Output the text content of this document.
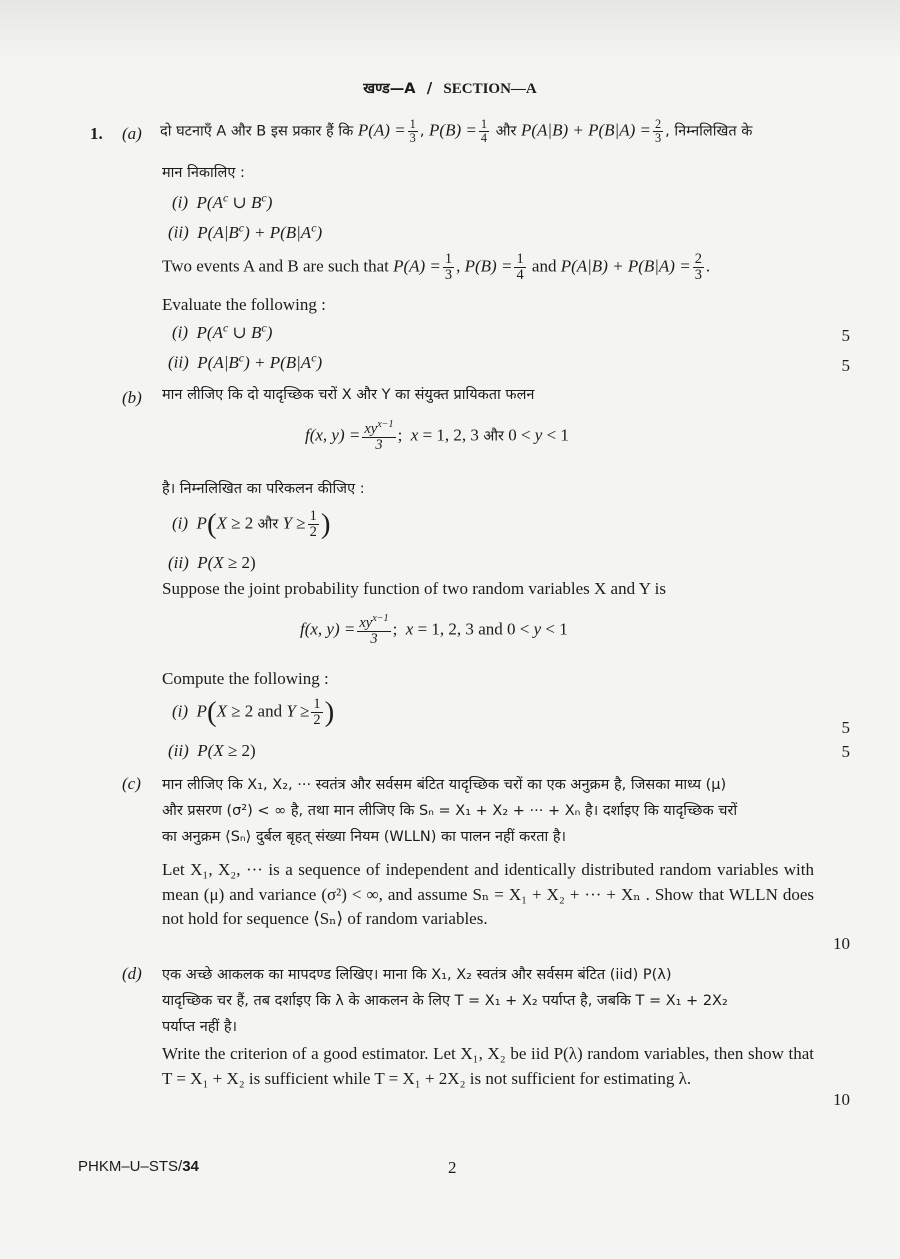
खण्ड—A / SECTION—A
1. (a) दो घटनाएँ A और B इस प्रकार हैं कि $P(A) = \frac{1}{3}$ , $P(B) = \frac{1}{4}$ और $P(A|B) + P(B|A) = \frac{2}{3}$ , निम्नलिखित के
मान निकालिए :
(i) $P(A^c$ ∪ $B^c$)
(ii) $P(A|B^c) + P(B|A^c)$
Two events A and B are such that $P(A) = \frac{1}{3}$ , $P(B) = \frac{1}{4}$ and $P(A|B) + P(B|A) = \frac{2}{3}$ .
Evaluate the following :
(i) $P(A^c$ ∪ $B^c$)	5
(ii) $P(A|B^c) + P(B|A^c)$	5
(b) मान लीजिए कि दो यादृच्छिक चरों X और Y का संयुक्त प्रायिकता फलन
f(x, $y) = \frac{xy^{x-1}}{3}$ ;  x = 1, 2, 3 और 0 < y < 1
है। निम्नलिखित का परिकलन कीजिए :
(i) P(X ≥ 2 और $Y \ge \frac{1}{2}$ )
(ii) P(X ≥ 2)
Suppose the joint probability function of two random variables X and Y is
f(x, $y) = \frac{xy^{x-1}}{3}$ ;  x = 1, 2, 3 and 0 < y < 1
Compute the following :
(i) P(X ≥ 2 and $Y \ge \frac{1}{2}$ )	5
(ii) P(X ≥ 2)	5
(c) मान लीजिए कि X₁, X₂, ··· स्वतंत्र और सर्वसम बंटित यादृच्छिक चरों का एक अनुक्रम है, जिसका माध्य (μ)
और प्रसरण (σ²) < ∞ है, तथा मान लीजिए कि Sₙ = X₁ + X₂ + ··· + Xₙ है। दर्शाइए कि यादृच्छिक चरों
का अनुक्रम ⟨Sₙ⟩ दुर्बल बृहत् संख्या नियम (WLLN) का पालन नहीं करता है।
Let X₁, X₂, ··· is a sequence of independent and identically distributed random variables with mean (μ) and variance (σ²) < ∞, and assume Sₙ = X₁ + X₂ + ··· + Xₙ . Show that WLLN does not hold for sequence ⟨Sₙ⟩ of random variables.
10
(d) एक अच्छे आकलक का मापदण्ड लिखिए। माना कि X₁, X₂ स्वतंत्र और सर्वसम बंटित (iid) P(λ)
यादृच्छिक चर हैं, तब दर्शाइए कि λ के आकलन के लिए T = X₁ + X₂ पर्याप्त है, जबकि T = X₁ + 2X₂
पर्याप्त नहीं है।
Write the criterion of a good estimator. Let X₁, X₂ be iid P(λ) random variables, then show that T = X₁ + X₂ is sufficient while T = X₁ + 2X₂ is not sufficient for estimating λ.
10
PHKM–U–STS/34	2
